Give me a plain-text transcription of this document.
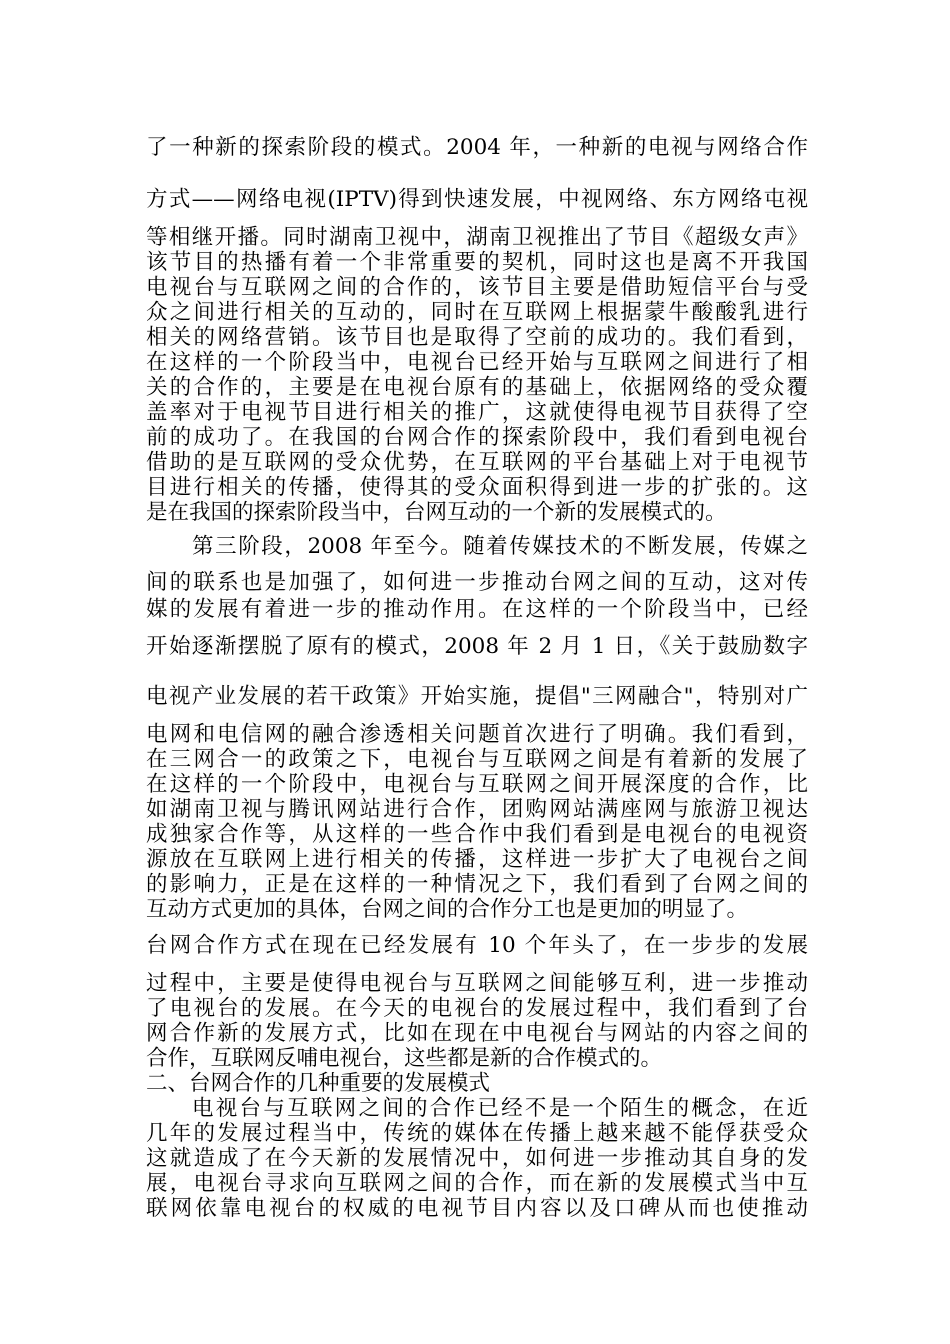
了一种新的探索阶段的模式。2004 年，一种新的电视与网络合作
方式——网络电视(IPTV)得到快速发展，中视网络、东方网络屯视
等相继开播。同时湖南卫视中，湖南卫视推出了节目《超级女声》
该节目的热播有着一个非常重要的契机，同时这也是离不开我国
电视台与互联网之间的合作的，该节目主要是借助短信平台与受
众之间进行相关的互动的，同时在互联网上根据蒙牛酸酸乳进行
相关的网络营销。该节目也是取得了空前的成功的。我们看到，
在这样的一个阶段当中，电视台已经开始与互联网之间进行了相
关的合作的，主要是在电视台原有的基础上，依据网络的受众覆
盖率对于电视节目进行相关的推广，这就使得电视节目获得了空
前的成功了。在我国的台网合作的探索阶段中，我们看到电视台
借助的是互联网的受众优势，在互联网的平台基础上对于电视节
目进行相关的传播，使得其的受众面积得到进一步的扩张的。这
是在我国的探索阶段当中，台网互动的一个新的发展模式的。
第三阶段，2008 年至今。随着传媒技术的不断发展，传媒之
间的联系也是加强了，如何进一步推动台网之间的互动，这对传
媒的发展有着进一步的推动作用。在这样的一个阶段当中，已经
开始逐渐摆脱了原有的模式，2008 年 2 月 1 日，《关于鼓励数字
电视产业发展的若干政策》开始实施，提倡"三网融合"，特别对广
电网和电信网的融合渗透相关问题首次进行了明确。我们看到，
在三网合一的政策之下，电视台与互联网之间是有着新的发展了
在这样的一个阶段中，电视台与互联网之间开展深度的合作，比
如湖南卫视与腾讯网站进行合作，团购网站满座网与旅游卫视达
成独家合作等，从这样的一些合作中我们看到是电视台的电视资
源放在互联网上进行相关的传播，这样进一步扩大了电视台之间
的影响力，正是在这样的一种情况之下，我们看到了台网之间的
互动方式更加的具体，台网之间的合作分工也是更加的明显了。
台网合作方式在现在已经发展有 10 个年头了，在一步步的发展
过程中，主要是使得电视台与互联网之间能够互利，进一步推动
了电视台的发展。在今天的电视台的发展过程中，我们看到了台
网合作新的发展方式，比如在现在中电视台与网站的内容之间的
合作，互联网反哺电视台，这些都是新的合作模式的。
二、台网合作的几种重要的发展模式
电视台与互联网之间的合作已经不是一个陌生的概念，在近
几年的发展过程当中，传统的媒体在传播上越来越不能俘获受众
这就造成了在今天新的发展情况中，如何进一步推动其自身的发
展，电视台寻求向互联网之间的合作，而在新的发展模式当中互
联网依靠电视台的权威的电视节目内容以及口碑从而也使推动
